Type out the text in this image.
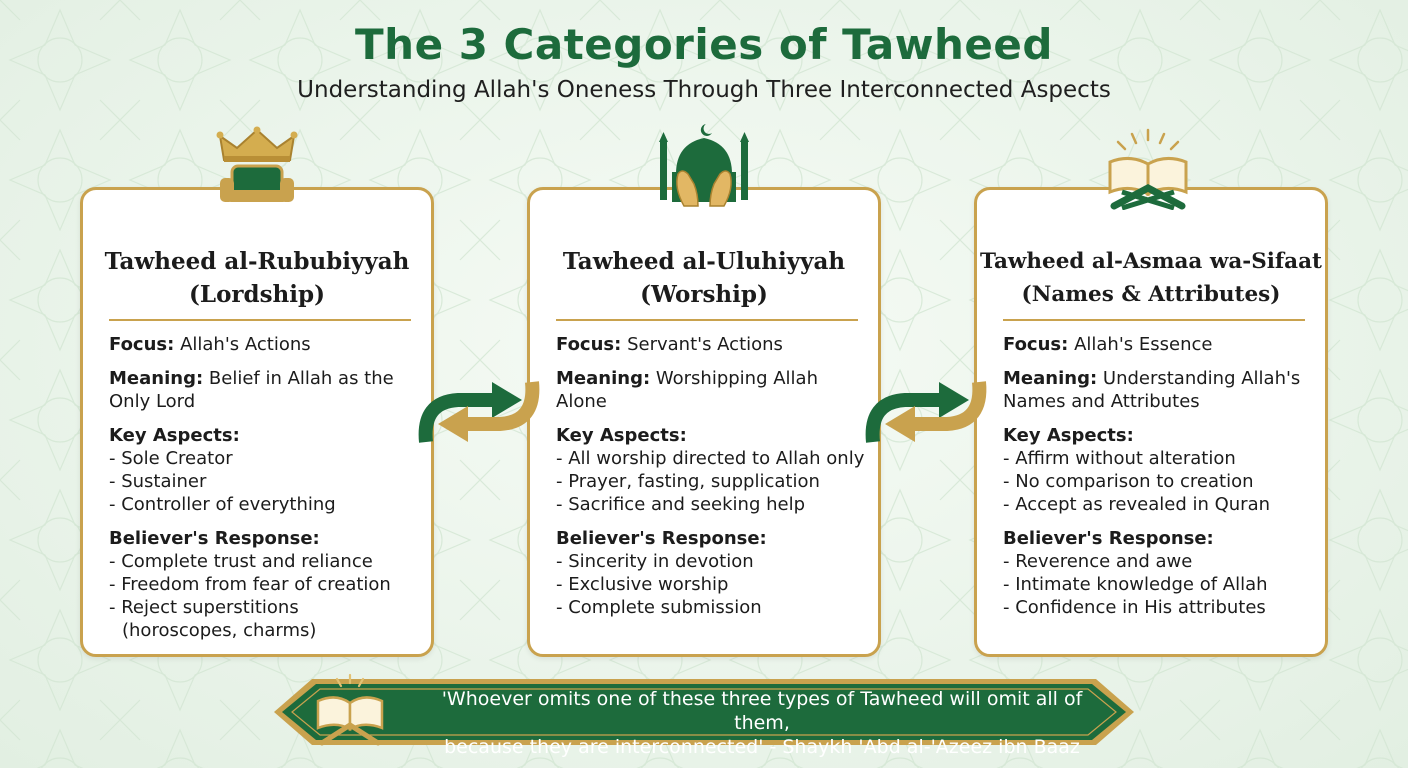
The 3 Categories of Tawheed
Understanding Allah's Oneness Through Three Interconnected Aspects
Tawheed al-Rububiyyah
(Lordship)
Focus: Allah's Actions
Meaning: Belief in Allah as the Only Lord
Key Aspects:
- Sole Creator
- Sustainer
- Controller of everything
Believer's Response:
- Complete trust and reliance
- Freedom from fear of creation
- Reject superstitions (horoscopes, charms)
Tawheed al-Uluhiyyah
(Worship)
Focus: Servant's Actions
Meaning: Worshipping Allah Alone
Key Aspects:
- All worship directed to Allah only
- Prayer, fasting, supplication
- Sacrifice and seeking help
Believer's Response:
- Sincerity in devotion
- Exclusive worship
- Complete submission
Tawheed al-Asmaa wa-Sifaat
(Names & Attributes)
Focus: Allah's Essence
Meaning: Understanding Allah's Names and Attributes
Key Aspects:
- Affirm without alteration
- No comparison to creation
- Accept as revealed in Quran
Believer's Response:
- Reverence and awe
- Intimate knowledge of Allah
- Confidence in His attributes
'Whoever omits one of these three types of Tawheed will omit all of them,
because they are interconnected' - Shaykh 'Abd al-'Azeez ibn Baaz
